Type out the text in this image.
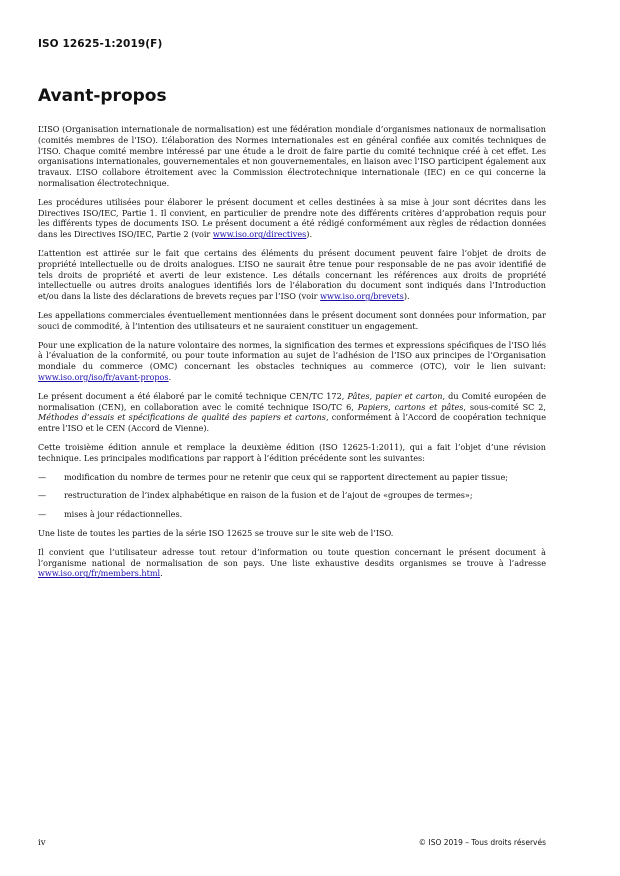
ISO 12625-1:2019(F)
Avant-propos

L’ISO (Organisation internationale de normalisation) est une fédération mondiale d’organismes nationaux de normalisation (comités membres de l’ISO). L’élaboration des Normes internationales est en général confiée aux comités techniques de l’ISO. Chaque comité membre intéressé par une étude a le droit de faire partie du comité technique créé à cet effet. Les organisations internationales, gouvernementales et non gouvernementales, en liaison avec l’ISO participent également aux travaux. L’ISO collabore étroitement avec la Commission électrotechnique internationale (IEC) en ce qui concerne la normalisation électrotechnique.

Les procédures utilisées pour élaborer le présent document et celles destinées à sa mise à jour sont décrites dans les Directives ISO/IEC, Partie 1. Il convient, en particulier de prendre note des différents critères d’approbation requis pour les différents types de documents ISO. Le présent document a été rédigé conformément aux règles de rédaction données dans les Directives ISO/IEC, Partie 2 (voir www.iso.org/directives).

L’attention est attirée sur le fait que certains des éléments du présent document peuvent faire l’objet de droits de propriété intellectuelle ou de droits analogues. L’ISO ne saurait être tenue pour responsable de ne pas avoir identifié de tels droits de propriété et averti de leur existence. Les détails concernant les références aux droits de propriété intellectuelle ou autres droits analogues identifiés lors de l’élaboration du document sont indiqués dans l’Introduction et/ou dans la liste des déclarations de brevets reçues par l’ISO (voir www.iso.org/brevets).

Les appellations commerciales éventuellement mentionnées dans le présent document sont données pour information, par souci de commodité, à l’intention des utilisateurs et ne sauraient constituer un engagement.

Pour une explication de la nature volontaire des normes, la signification des termes et expressions spécifiques de l’ISO liés à l’évaluation de la conformité, ou pour toute information au sujet de l’adhésion de l’ISO aux principes de l’Organisation mondiale du commerce (OMC) concernant les obstacles techniques au commerce (OTC), voir le lien suivant: www.iso.org/iso/fr/avant-propos.

Le présent document a été élaboré par le comité technique CEN/TC 172, Pâtes, papier et carton, du Comité européen de normalisation (CEN), en collaboration avec le comité technique ISO/TC 6, Papiers, cartons et pâtes, sous-comité SC 2, Méthodes d’essais et spécifications de qualité des papiers et cartons, conformément à l’Accord de coopération technique entre l’ISO et le CEN (Accord de Vienne).

Cette troisième édition annule et remplace la deuxième édition (ISO 12625-1:2011), qui a fait l’objet d’une révision technique. Les principales modifications par rapport à l’édition précédente sont les suivantes:

—	modification du nombre de termes pour ne retenir que ceux qui se rapportent directement au papier tissue;
—	restructuration de l’index alphabétique en raison de la fusion et de l’ajout de «groupes de termes»;
—	mises à jour rédactionnelles.

Une liste de toutes les parties de la série ISO 12625 se trouve sur le site web de l’ISO.

Il convient que l’utilisateur adresse tout retour d’information ou toute question concernant le présent document à l’organisme national de normalisation de son pays. Une liste exhaustive desdits organismes se trouve à l’adresse www.iso.org/fr/members.html.

iv	© ISO 2019 – Tous droits réservés
